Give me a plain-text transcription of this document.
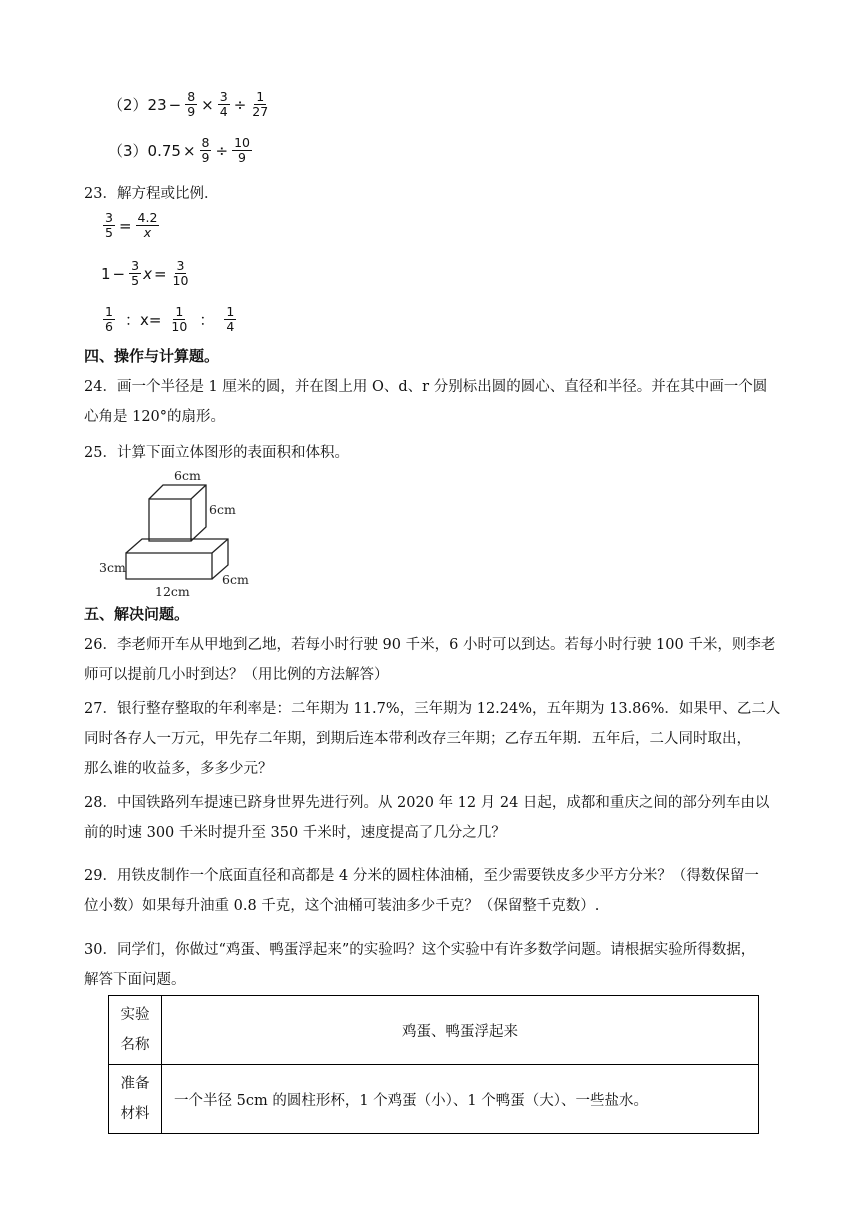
（2） $23 - \frac{8}{9} \times \frac{3}{4} \div \frac{1}{27}$
（3） $0.75 \times \frac{8}{9} \div \frac{10}{9}$
23．解方程或比例．
$\frac{3}{5} = \frac{4.2}{x}$
$1 - \frac{3}{5}$ $x = \frac{3}{10}$
$\frac{1}{6}$ ：$x= \frac{1}{10}$ ： $\frac{1}{4}$
四、操作与计算题。
24．画一个半径是 1 厘米的圆，并在图上用 O、d、r 分别标出圆的圆心、直径和半径。并在其中画一个圆
心角是 120°的扇形。
25．计算下面立体图形的表面积和体积。
6cm
6cm
3cm
6cm
12cm
五、解决问题。
26．李老师开车从甲地到乙地，若每小时行驶 90 千米，6 小时可以到达。若每小时行驶 100 千米，则李老
师可以提前几小时到达？（用比例的方法解答）
27．银行整存整取的年利率是：二年期为 11.7%，三年期为 12.24%，五年期为 13.86%．如果甲、乙二人
同时各存人一万元，甲先存二年期，到期后连本带利改存三年期；乙存五年期．五年后，二人同时取出，
那么谁的收益多，多多少元？
28．中国铁路列车提速已跻身世界先进行列。从 2020 年 12 月 24 日起，成都和重庆之间的部分列车由以
前的时速 300 千米时提升至 350 千米时，速度提高了几分之几？
29．用铁皮制作一个底面直径和高都是 4 分米的圆柱体油桶，至少需要铁皮多少平方分米？（得数保留一
位小数）如果每升油重 0.8 千克，这个油桶可装油多少千克？（保留整千克数）.
30．同学们，你做过“鸡蛋、鸭蛋浮起来”的实验吗？这个实验中有许多数学问题。请根据实验所得数据，
解答下面问题。
实验
名称	鸡蛋、鸭蛋浮起来
准备
材料	一个半径 5cm 的圆柱形杯，1 个鸡蛋（小）、1 个鸭蛋（大）、一些盐水。
